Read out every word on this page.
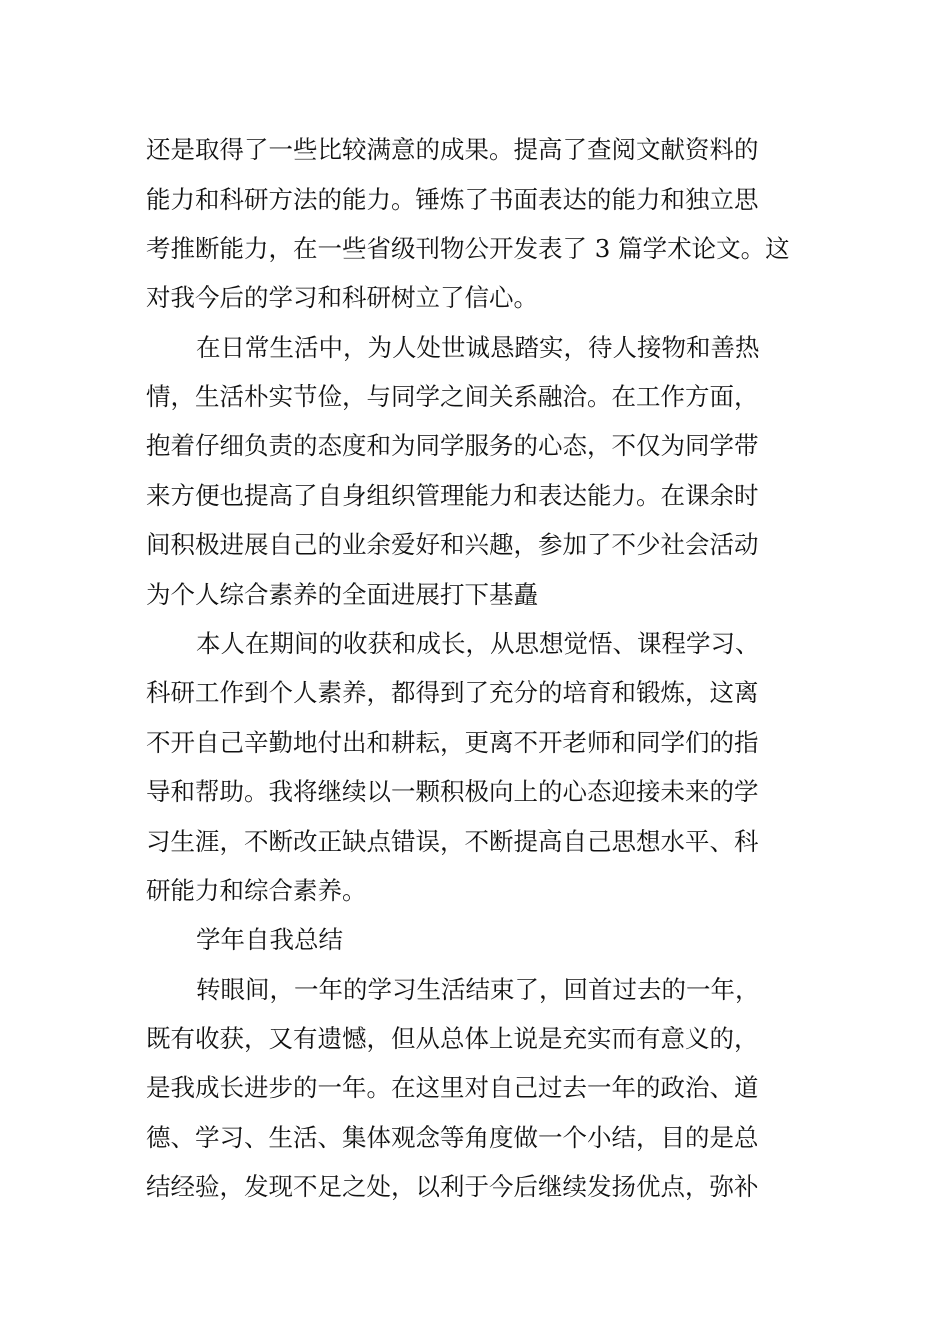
还是取得了一些比较满意的成果。提高了查阅文献资料的
能力和科研方法的能力。锤炼了书面表达的能力和独立思
考推断能力，在一些省级刊物公开发表了 3 篇学术论文。这
对我今后的学习和科研树立了信心。
在日常生活中，为人处世诚恳踏实，待人接物和善热
情，生活朴实节俭，与同学之间关系融洽。在工作方面，
抱着仔细负责的态度和为同学服务的心态，不仅为同学带
来方便也提高了自身组织管理能力和表达能力。在课余时
间积极进展自己的业余爱好和兴趣，参加了不少社会活动
为个人综合素养的全面进展打下基矗
本人在期间的收获和成长，从思想觉悟、课程学习、
科研工作到个人素养，都得到了充分的培育和锻炼，这离
不开自己辛勤地付出和耕耘，更离不开老师和同学们的指
导和帮助。我将继续以一颗积极向上的心态迎接未来的学
习生涯，不断改正缺点错误，不断提高自己思想水平、科
研能力和综合素养。
学年自我总结
转眼间，一年的学习生活结束了，回首过去的一年，
既有收获，又有遗憾，但从总体上说是充实而有意义的，
是我成长进步的一年。在这里对自己过去一年的政治、道
德、学习、生活、集体观念等角度做一个小结，目的是总
结经验，发现不足之处，以利于今后继续发扬优点，弥补
